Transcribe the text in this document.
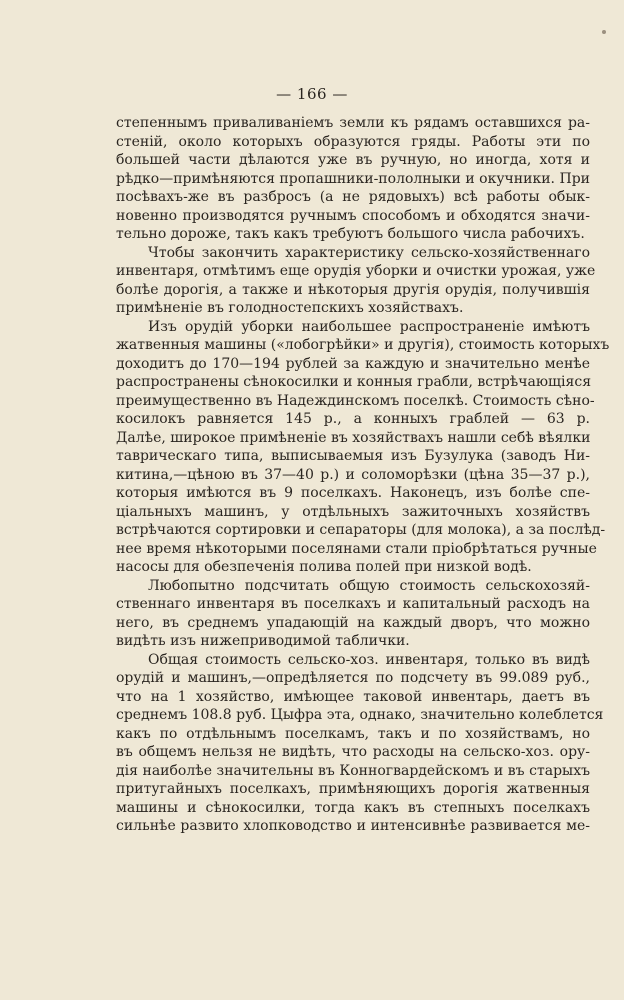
— 166 —
степеннымъ приваливаніемъ земли къ рядамъ оставшихся ра-
стеній, около которыхъ образуются гряды. Работы эти по
большей части дѣлаются уже въ ручную, но иногда, хотя и
рѣдко—примѣняются пропашники-пололныки и окучники. При
посѣвахъ-же въ разбросъ (а не рядовыхъ) всѣ работы обык-
новенно производятся ручнымъ способомъ и обходятся значи-
тельно дороже, такъ какъ требуютъ большого числа рабочихъ.
Чтобы закончить характеристику сельско-хозяйственнаго
инвентаря, отмѣтимъ еще орудія уборки и очистки урожая, уже
болѣе дорогія, а также и нѣкоторыя другія орудія, получившія
примѣненіе въ голодностепскихъ хозяйствахъ.
Изъ орудій уборки наибольшее распространеніе имѣютъ
жатвенныя машины («лобогрѣйки» и другія), стоимость которыхъ
доходитъ до 170—194 рублей за каждую и значительно менѣе
распространены сѣнокосилки и конныя грабли, встрѣчающіяся
преимущественно въ Надеждинскомъ поселкѣ. Стоимость сѣно-
косилокъ равняется 145 р., а конныхъ граблей — 63 р.
Далѣе, широкое примѣненіе въ хозяйствахъ нашли себѣ вѣялки
таврическаго типа, выписываемыя изъ Бузулука (заводъ Ни-
китина,—цѣною въ 37—40 р.) и соломорѣзки (цѣна 35—37 р.),
которыя имѣются въ 9 поселкахъ. Наконецъ, изъ болѣе спе-
ціальныхъ машинъ, у отдѣльныхъ зажиточныхъ хозяйствъ
встрѣчаются сортировки и сепараторы (для молока), а за послѣд-
нее время нѣкоторыми поселянами стали пріобрѣтаться ручные
насосы для обезпеченія полива полей при низкой водѣ.
Любопытно подсчитать общую стоимость сельскохозяй-
ственнаго инвентаря въ поселкахъ и капитальный расходъ на
него, въ среднемъ упадающій на каждый дворъ, что можно
видѣть изъ нижеприводимой таблички.
Общая стоимость сельско-хоз. инвентаря, только въ видѣ
орудій и машинъ,—опредѣляется по подсчету въ 99.089 руб.,
что на 1 хозяйство, имѣющее таковой инвентарь, даетъ въ
среднемъ 108.8 руб. Цыфра эта, однако, значительно колеблется
какъ по отдѣльнымъ поселкамъ, такъ и по хозяйствамъ, но
въ общемъ нельзя не видѣть, что расходы на сельско-хоз. ору-
дія наиболѣе значительны въ Конногвардейскомъ и въ старыхъ
притугайныхъ поселкахъ, примѣняющихъ дорогія жатвенныя
машины и сѣнокосилки, тогда какъ въ степныхъ поселкахъ
сильнѣе развито хлопководство и интенсивнѣе развивается ме-
